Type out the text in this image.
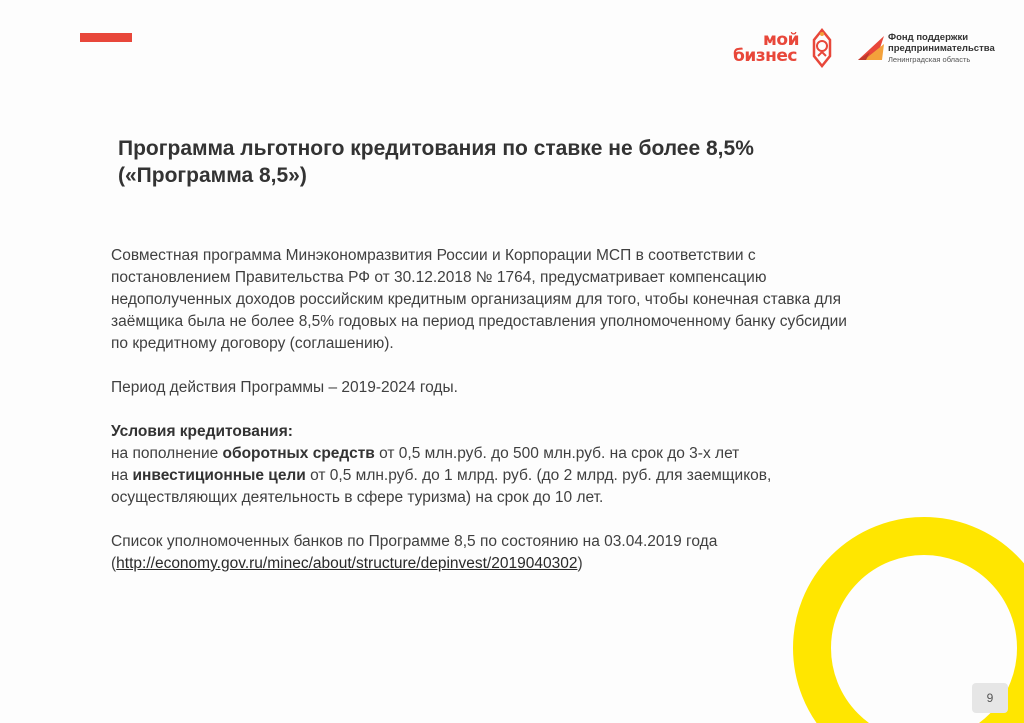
мой
бизнес
Фонд поддержки
предпринимательства
Ленинградская область
Программа льготного кредитования по ставке не более 8,5%
(«Программа 8,5»)

Совместная программа Минэкономразвития России и Корпорации МСП в соответствии с
постановлением Правительства РФ от 30.12.2018 № 1764, предусматривает компенсацию
недополученных доходов российским кредитным организациям для того, чтобы конечная ставка для
заёмщика была не более 8,5% годовых на период предоставления уполномоченному банку субсидии
по кредитному договору (соглашению).

Период действия Программы – 2019-2024 годы.

Условия кредитования:
на пополнение оборотных средств от 0,5 млн.руб. до 500 млн.руб. на срок до 3-х лет
на инвестиционные цели от 0,5 млн.руб. до 1 млрд. руб. (до 2 млрд. руб. для заемщиков,
осуществляющих деятельность в сфере туризма) на срок до 10 лет.

Список уполномоченных банков по Программе 8,5 по состоянию на 03.04.2019 года
(http://economy.gov.ru/minec/about/structure/depinvest/2019040302)

9
